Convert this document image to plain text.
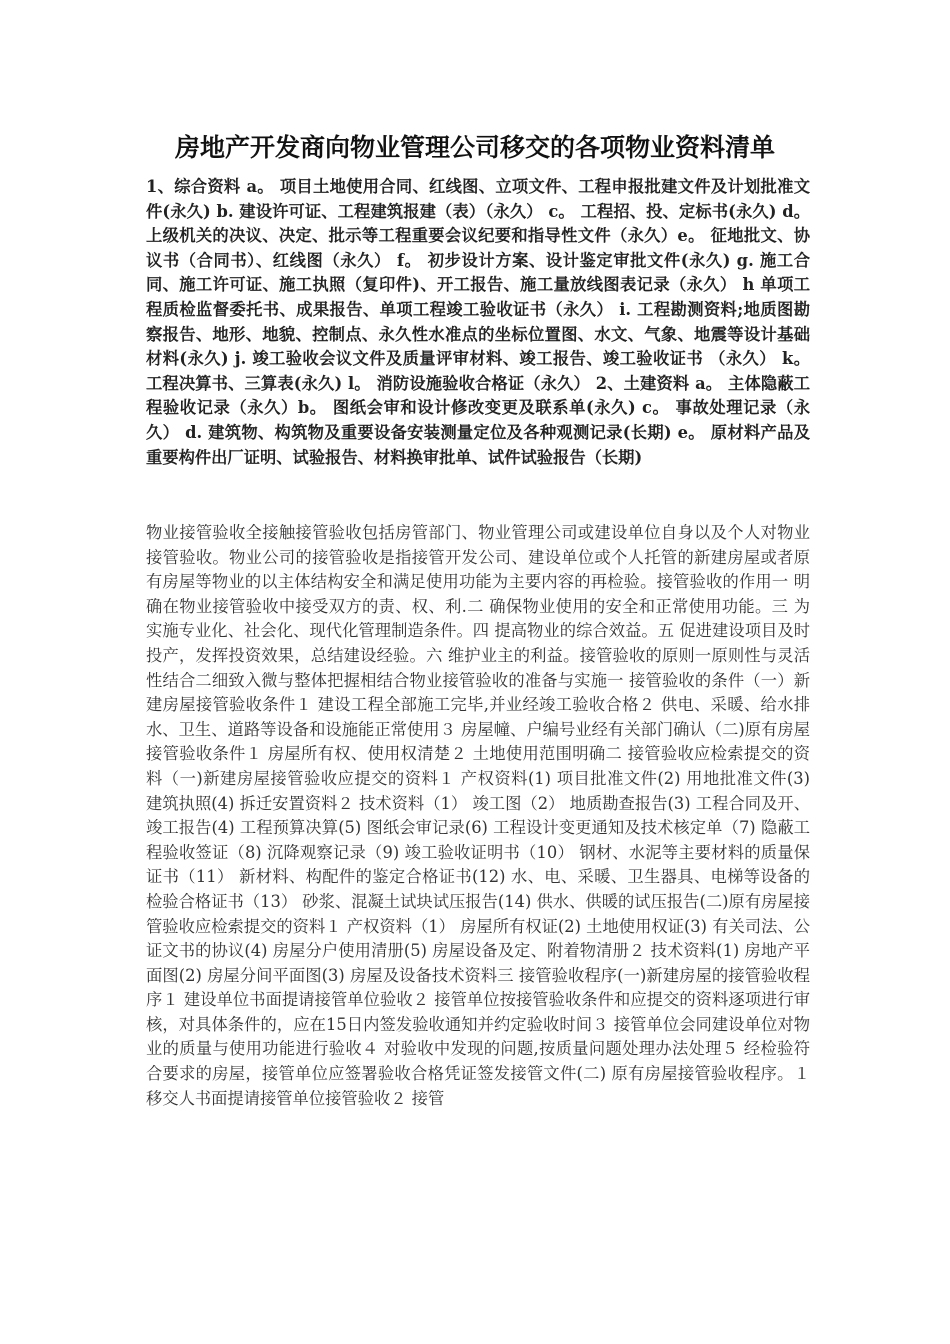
房地产开发商向物业管理公司移交的各项物业资料清单

1、综合资料 a。 项目土地使用合同、红线图、立项文件、工程申报批建文件及计划批准文件(永久) b. 建设许可证、工程建筑报建（表）（永久） c。 工程招、投、定标书(永久) d。 上级机关的决议、决定、批示等工程重要会议纪要和指导性文件（永久）e。 征地批文、协议书（合同书）、红线图（永久） f。 初步设计方案、设计鉴定审批文件(永久) g. 施工合同、施工许可证、施工执照（复印件)、开工报告、施工量放线图表记录（永久） h 单项工程质检监督委托书、成果报告、单项工程竣工验收证书（永久） i. 工程勘测资料;地质图勘察报告、地形、地貌、控制点、永久性水准点的坐标位置图、水文、气象、地震等设计基础材料(永久) j. 竣工验收会议文件及质量评审材料、竣工报告、竣工验收证书 （永久） k。 工程决算书、三算表(永久) l。 消防设施验收合格证（永久） 2、土建资料 a。 主体隐蔽工程验收记录（永久）b。 图纸会审和设计修改变更及联系单(永久) c。 事故处理记录（永久） d. 建筑物、构筑物及重要设备安装测量定位及各种观测记录(长期) e。 原材料产品及重要构件出厂证明、试验报告、材料换审批单、试件试验报告（长期)

物业接管验收全接触接管验收包括房管部门、物业管理公司或建设单位自身以及个人对物业接管验收。物业公司的接管验收是指接管开发公司、建设单位或个人托管的新建房屋或者原有房屋等物业的以主体结构安全和满足使用功能为主要内容的再检验。接管验收的作用一 明确在物业接管验收中接受双方的责、权、利.二 确保物业使用的安全和正常使用功能。三 为实施专业化、社会化、现代化管理制造条件。四 提高物业的综合效益。五 促进建设项目及时投产，发挥投资效果，总结建设经验。六 维护业主的利益。接管验收的原则一原则性与灵活性结合二细致入微与整体把握相结合物业接管验收的准备与实施一 接管验收的条件（一）新建房屋接管验收条件１ 建设工程全部施工完毕,并业经竣工验收合格２ 供电、采暖、给水排水、卫生、道路等设备和设施能正常使用３ 房屋幢、户编号业经有关部门确认（二)原有房屋接管验收条件１ 房屋所有权、使用权清楚２ 土地使用范围明确二 接管验收应检索提交的资料（一)新建房屋接管验收应提交的资料１ 产权资料(1) 项目批准文件(2) 用地批准文件(3) 建筑执照(4) 拆迁安置资料２ 技术资料（1） 竣工图（2） 地质勘查报告(3) 工程合同及开、竣工报告(4) 工程预算决算(5) 图纸会审记录(6) 工程设计变更通知及技术核定单（7) 隐蔽工程验收签证（8) 沉降观察记录（9) 竣工验收证明书（10） 钢材、水泥等主要材料的质量保证书（11） 新材料、构配件的鉴定合格证书(12) 水、电、采暖、卫生器具、电梯等设备的检验合格证书（13） 砂浆、混凝土试块试压报告(14) 供水、供暖的试压报告(二)原有房屋接管验收应检索提交的资料１ 产权资料（1） 房屋所有权证(2) 土地使用权证(3) 有关司法、公证文书的协议(4) 房屋分户使用清册(5) 房屋设备及定、附着物清册２ 技术资料(1) 房地产平面图(2) 房屋分间平面图(3) 房屋及设备技术资料三 接管验收程序(一)新建房屋的接管验收程序１ 建设单位书面提请接管单位验收２ 接管单位按接管验收条件和应提交的资料逐项进行审核，对具体条件的，应在15日内签发验收通知并约定验收时间３ 接管单位会同建设单位对物业的质量与使用功能进行验收４ 对验收中发现的问题,按质量问题处理办法处理５ 经检验符合要求的房屋，接管单位应签署验收合格凭证签发接管文件(二) 原有房屋接管验收程序。１ 移交人书面提请接管单位接管验收２ 接管
